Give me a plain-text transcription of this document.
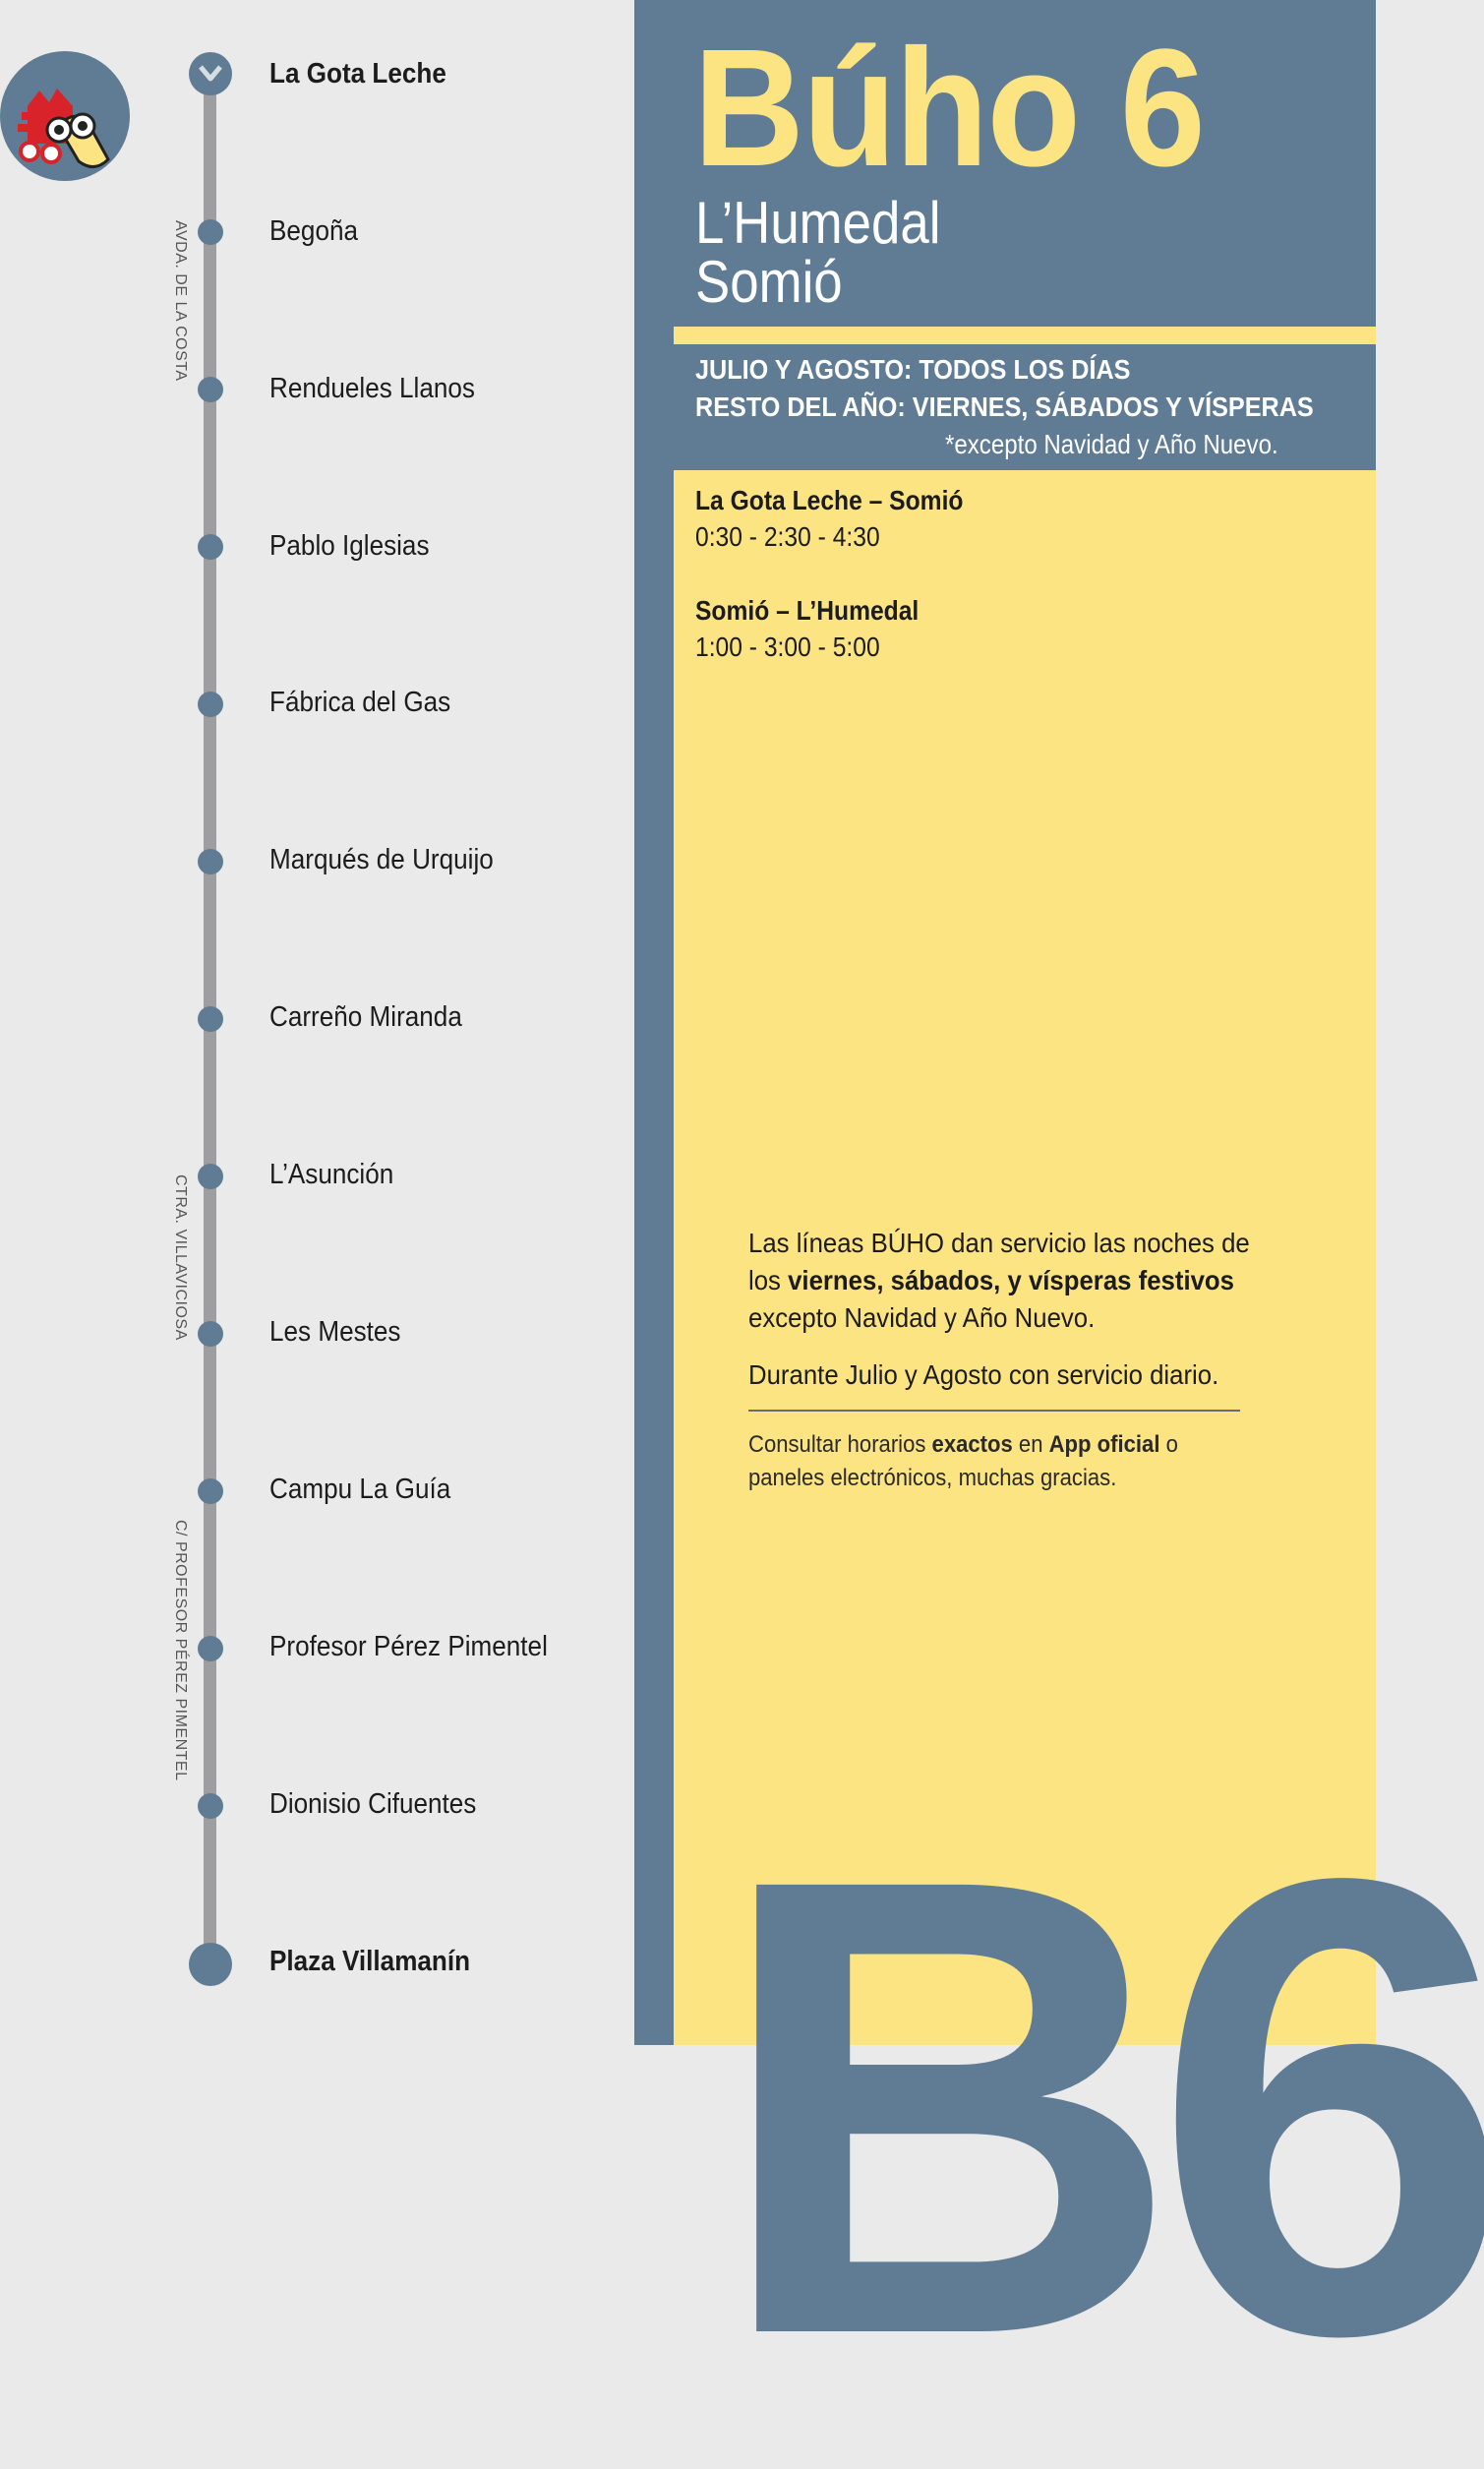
La Gota Leche
Begoña
Rendueles Llanos
Pablo Iglesias
Fábrica del Gas
Marqués de Urquijo
Carreño Miranda
L’Asunción
Les Mestes
Campu La Guía
Profesor Pérez Pimentel
Dionisio Cifuentes
Plaza Villamanín
AVDA. DE LA COSTA
CTRA. VILLAVICIOSA
C/ PROFESOR PÉREZ PIMENTEL
Búho 6
L’Humedal
Somió
B6
JULIO Y AGOSTO: TODOS LOS DÍAS
RESTO DEL AÑO: VIERNES, SÁBADOS Y VÍSPERAS
*excepto Navidad y Año Nuevo.
La Gota Leche – Somió
0:30 - 2:30 - 4:30
Somió – L’Humedal
1:00 - 3:00 - 5:00
Las líneas BÚHO dan servicio las noches de los viernes, sábados, y vísperas festivos excepto Navidad y Año Nuevo.
Durante Julio y Agosto con servicio diario.
Consultar horarios exactos en App oficial o paneles electrónicos, muchas gracias.
